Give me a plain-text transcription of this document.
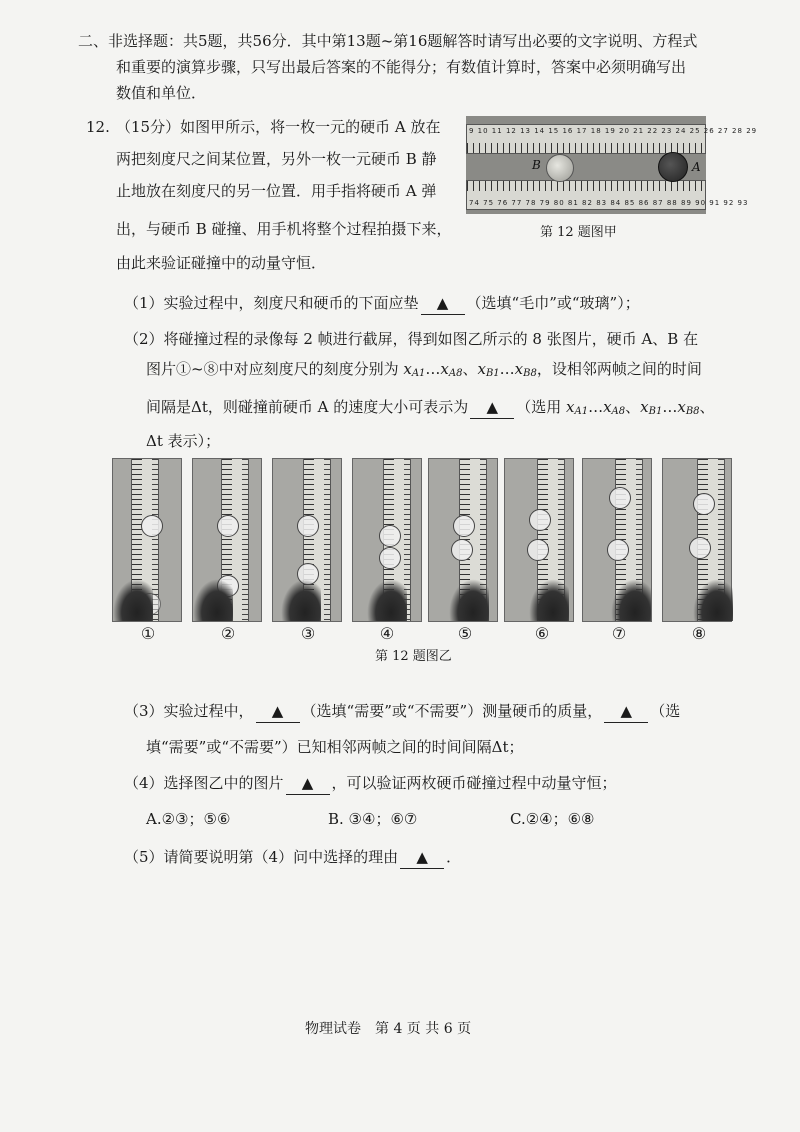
二、非选择题：共5题，共56分．其中第13题~第16题解答时请写出必要的文字说明、方程式
和重要的演算步骤，只写出最后答案的不能得分；有数值计算时，答案中必须明确写出
数值和单位．
12. （15分）如图甲所示，将一枚一元的硬币 A 放在
两把刻度尺之间某位置，另外一枚一元硬币 B 静
止地放在刻度尺的另一位置．用手指将硬币 A 弹
出，与硬币 B 碰撞、用手机将整个过程拍摄下来，
由此来验证碰撞中的动量守恒．
9 10 11 12 13 14 15 16 17 18 19 20 21 22 23 24 25 26 27 28 29
74 75 76 77 78 79 80 81 82 83 84 85 86 87 88 89 90 91 92 93
B	A
第 12 题图甲
（1）实验过程中，刻度尺和硬币的下面应垫 ▲ （选填“毛巾”或“玻璃”）；
（2）将碰撞过程的录像每 2 帧进行截屏，得到如图乙所示的 8 张图片，硬币 A、B 在
图片①~⑧中对应刻度尺的刻度分别为 $x_{A1}\dots x_{A8}$、$x_{B1}\dots x_{B8}$，设相邻两帧之间的时间
间隔是Δt，则碰撞前硬币 A 的速度大小可表示为 ▲ （选用 $x_{A1}\dots x_{A8}$、$x_{B1}\dots x_{B8}$、
Δt 表示）；
①	②	③	④	⑤	⑥	⑦	⑧
第 12 题图乙
（3）实验过程中， ▲ （选填“需要”或“不需要”）测量硬币的质量， ▲ （选
填“需要”或“不需要”）已知相邻两帧之间的时间间隔Δt；
（4）选择图乙中的图片 ▲ ，可以验证两枚硬币碰撞过程中动量守恒；
A.②③；⑤⑥	B. ③④；⑥⑦	C.②④；⑥⑧
（5）请简要说明第（4）问中选择的理由 ▲ ．
物理试卷　第 4 页 共 6 页
